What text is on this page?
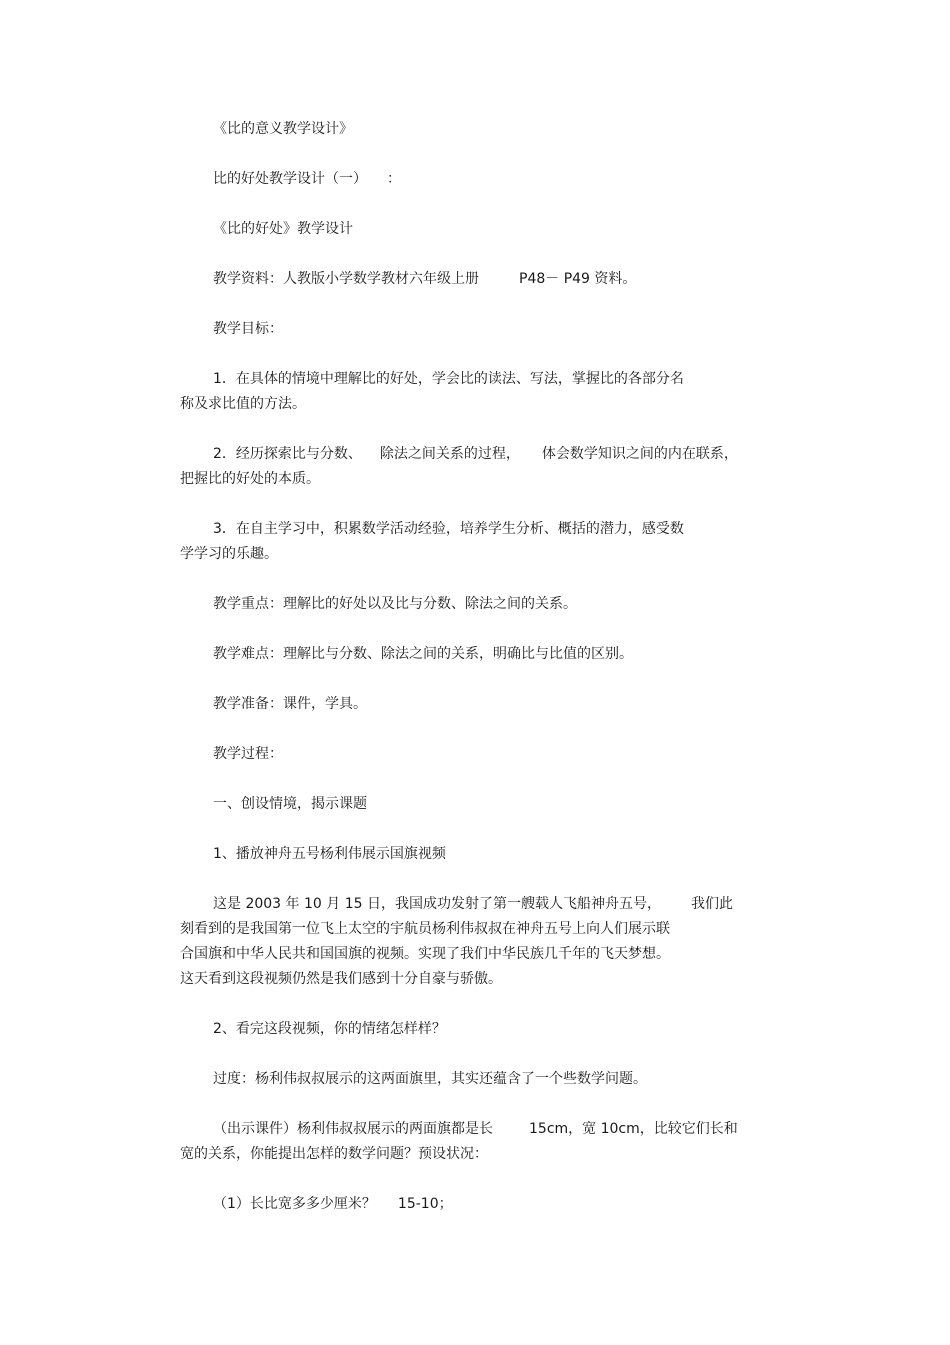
《比的意义教学设计》
比的好处教学设计（一） ：
《比的好处》教学设计
教学资料：人教版小学数学教材六年级上册	P48－ P49 资料。
教学目标：
1．在具体的情境中理解比的好处，学会比的读法、写法，掌握比的各部分名
称及求比值的方法。
2．经历探索比与分数、 除法之间关系的过程， 体会数学知识之间的内在联系，
把握比的好处的本质。
3．在自主学习中，积累数学活动经验，培养学生分析、概括的潜力，感受数
学学习的乐趣。
教学重点：理解比的好处以及比与分数、除法之间的关系。
教学难点：理解比与分数、除法之间的关系，明确比与比值的区别。
教学准备：课件，学具。
教学过程：
一、创设情境，揭示课题
1、播放神舟五号杨利伟展示国旗视频
这是 2003 年 10 月 15 日，我国成功发射了第一艘载人飞船神舟五号， 我们此
刻看到的是我国第一位飞上太空的宇航员杨利伟叔叔在神舟五号上向人们展示联
合国旗和中华人民共和国国旗的视频。实现了我们中华民族几千年的飞天梦想。
这天看到这段视频仍然是我们感到十分自豪与骄傲。
2、看完这段视频，你的情绪怎样样？
过度：杨利伟叔叔展示的这两面旗里，其实还蕴含了一个些数学问题。
（出示课件）杨利伟叔叔展示的两面旗都是长	15cm，宽 10cm，比较它们长和
宽的关系，你能提出怎样的数学问题？预设状况：
（1）长比宽多多少厘米？ 15-10；
